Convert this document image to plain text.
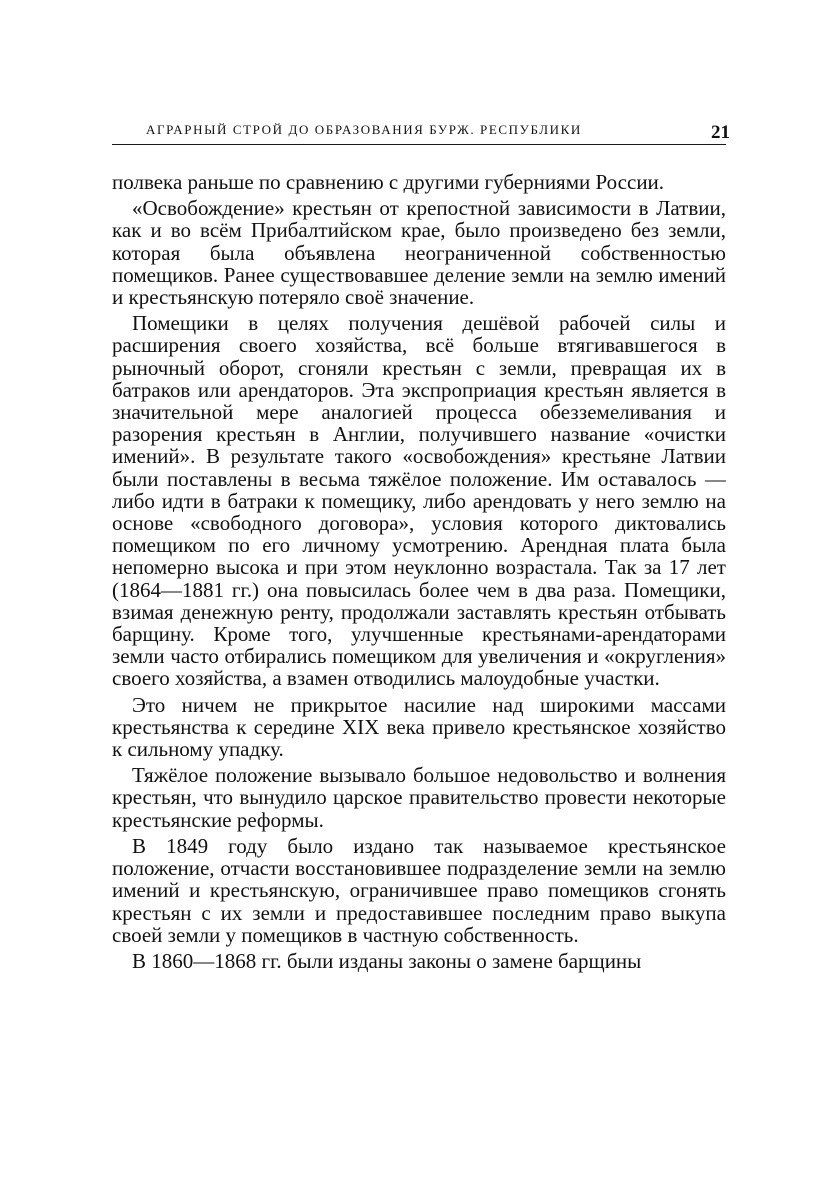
АГРАРНЫЙ СТРОЙ ДО ОБРАЗОВАНИЯ БУРЖ. РЕСПУБЛИКИ	21

полвека раньше по сравнению с другими губерниями России.

«Освобождение» крестьян от крепостной зависимости в Латвии, как и во всём Прибалтийском крае, было произведено без земли, которая была объявлена неограниченной собственностью помещиков. Ранее существовавшее деление земли на землю имений и крестьянскую потеряло своё значение.

Помещики в целях получения дешёвой рабочей силы и расширения своего хозяйства, всё больше втягивавшегося в рыночный оборот, сгоняли крестьян с земли, превращая их в батраков или арендаторов. Эта экспроприация крестьян является в значительной мере аналогией процесса обезземеливания и разорения крестьян в Англии, получившего название «очистки имений». В результате такого «освобождения» крестьяне Латвии были поставлены в весьма тяжёлое положение. Им оставалось — либо идти в батраки к помещику, либо арендовать у него землю на основе «свободного договора», условия которого диктовались помещиком по его личному усмотрению. Арендная плата была непомерно высока и при этом неуклонно возрастала. Так за 17 лет (1864—1881 гг.) она повысилась более чем в два раза. Помещики, взимая денежную ренту, продолжали заставлять крестьян отбывать барщину. Кроме того, улучшенные крестьянами-арендаторами земли часто отбирались помещиком для увеличения и «округления» своего хозяйства, а взамен отводились малоудобные участки.

Это ничем не прикрытое насилие над широкими массами крестьянства к середине XIX века привело крестьянское хозяйство к сильному упадку.

Тяжёлое положение вызывало большое недовольство и волнения крестьян, что вынудило царское правительство провести некоторые крестьянские реформы.

В 1849 году было издано так называемое крестьянское положение, отчасти восстановившее подразделение земли на землю имений и крестьянскую, ограничившее право помещиков сгонять крестьян с их земли и предоставившее последним право выкупа своей земли у помещиков в частную собственность.

В 1860—1868 гг. были изданы законы о замене барщины
